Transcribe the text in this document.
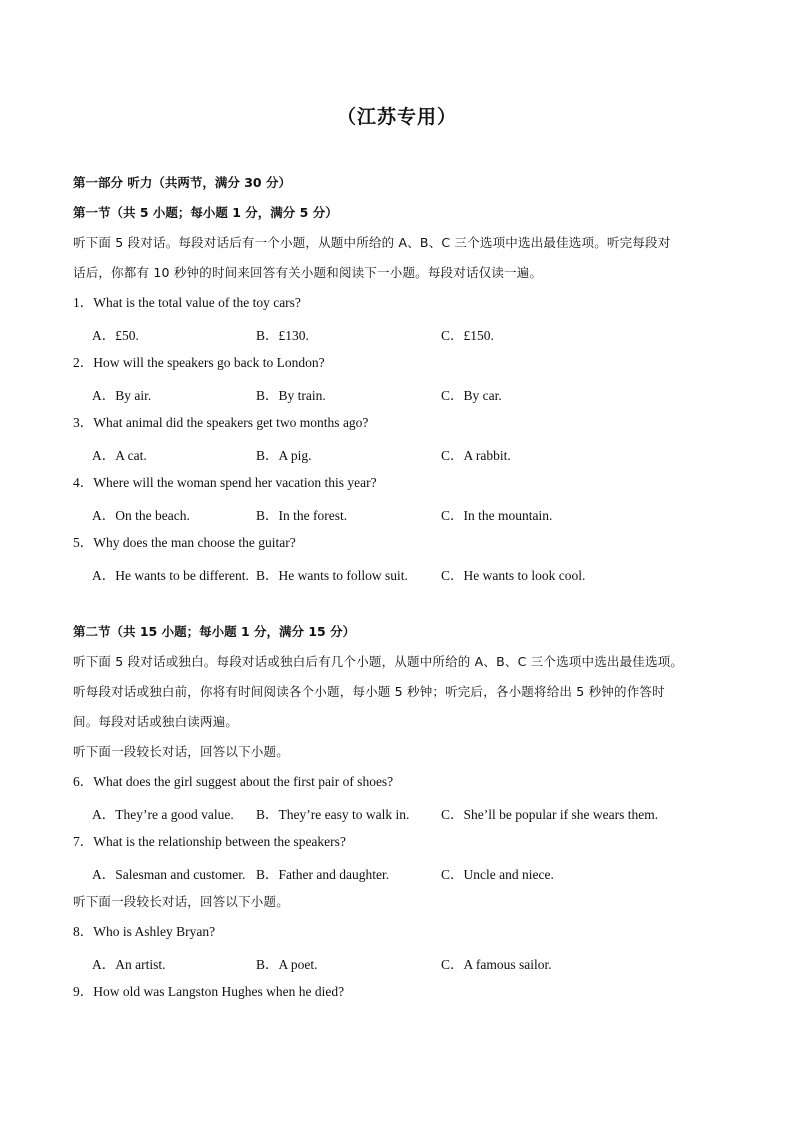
（江苏专用）
第一部分 听力（共两节，满分 30 分）
第一节（共 5 小题；每小题 1 分，满分 5 分）
听下面 5 段对话。每段对话后有一个小题，从题中所给的 A、B、C 三个选项中选出最佳选项。听完每段对
话后，你都有 10 秒钟的时间来回答有关小题和阅读下一小题。每段对话仅读一遍。
1．What is the total value of the toy cars?
A．£50.	B．£130.	C．£150.
2．How will the speakers go back to London?
A．By air.	B．By train.	C．By car.
3．What animal did the speakers get two months ago?
A．A cat.	B．A pig.	C．A rabbit.
4．Where will the woman spend her vacation this year?
A．On the beach.	B．In the forest.	C．In the mountain.
5．Why does the man choose the guitar?
A．He wants to be different. B．He wants to follow suit. C．He wants to look cool.
第二节（共 15 小题；每小题 1 分，满分 15 分）
听下面 5 段对话或独白。每段对话或独白后有几个小题，从题中所给的 A、B、C 三个选项中选出最佳选项。
听每段对话或独白前，你将有时间阅读各个小题，每小题 5 秒钟；听完后，各小题将给出 5 秒钟的作答时
间。每段对话或独白读两遍。
听下面一段较长对话，回答以下小题。
6．What does the girl suggest about the first pair of shoes?
A．They’re a good value. B．They’re easy to walk in. C．She’ll be popular if she wears them.
7．What is the relationship between the speakers?
A．Salesman and customer. B．Father and daughter.	C．Uncle and niece.
听下面一段较长对话，回答以下小题。
8．Who is Ashley Bryan?
A．An artist.	B．A poet.	C．A famous sailor.
9．How old was Langston Hughes when he died?
